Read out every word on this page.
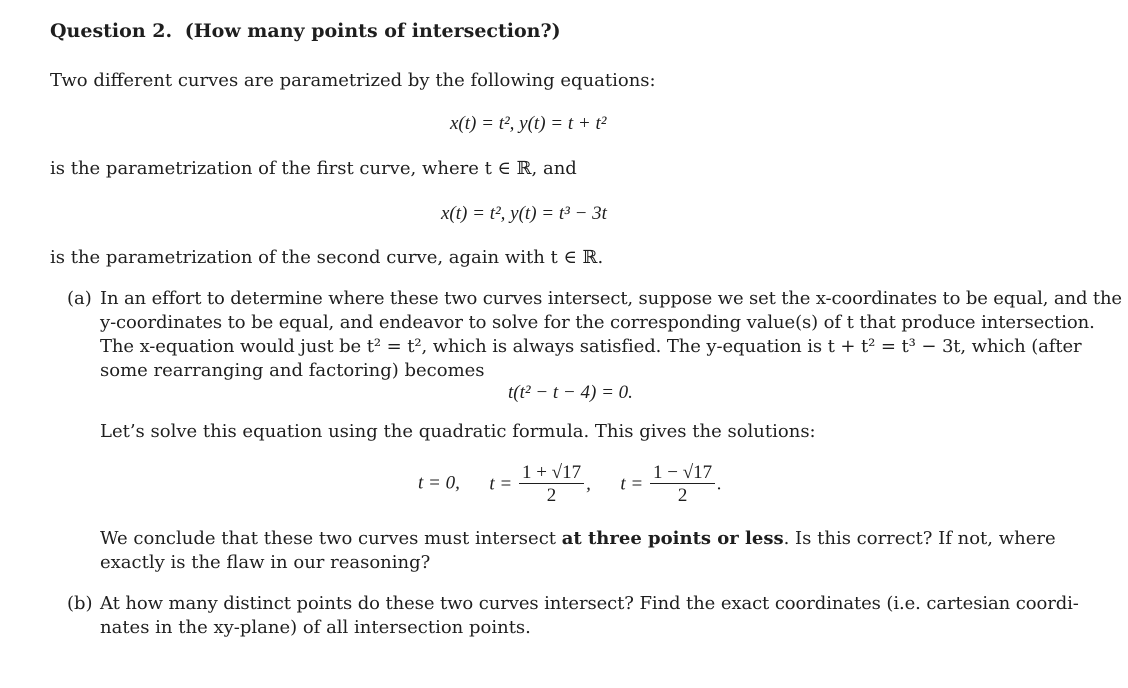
Question 2. (How many points of intersection?)
Two different curves are parametrized by the following equations:
x(t) = t², y(t) = t + t²
is the parametrization of the first curve, where t ∈ ℝ, and
x(t) = t², y(t) = t³ − 3t
is the parametrization of the second curve, again with t ∈ ℝ.
(a) In an effort to determine where these two curves intersect, suppose we set the x-coordinates to be equal, and the
y-coordinates to be equal, and endeavor to solve for the corresponding value(s) of t that produce intersection.
The x-equation would just be t² = t², which is always satisfied. The y-equation is t + t² = t³ − 3t, which (after
some rearranging and factoring) becomes
t(t² − t − 4) = 0.
Let’s solve this equation using the quadratic formula. This gives the solutions:
t = 0, $t = \frac{1 + √17}{2}$ , $t = \frac{1 - √17}{2}$ .
We conclude that these two curves must intersect at three points or less. Is this correct? If not, where
exactly is the flaw in our reasoning?
(b) At how many distinct points do these two curves intersect? Find the exact coordinates (i.e. cartesian coordi-
nates in the xy-plane) of all intersection points.
